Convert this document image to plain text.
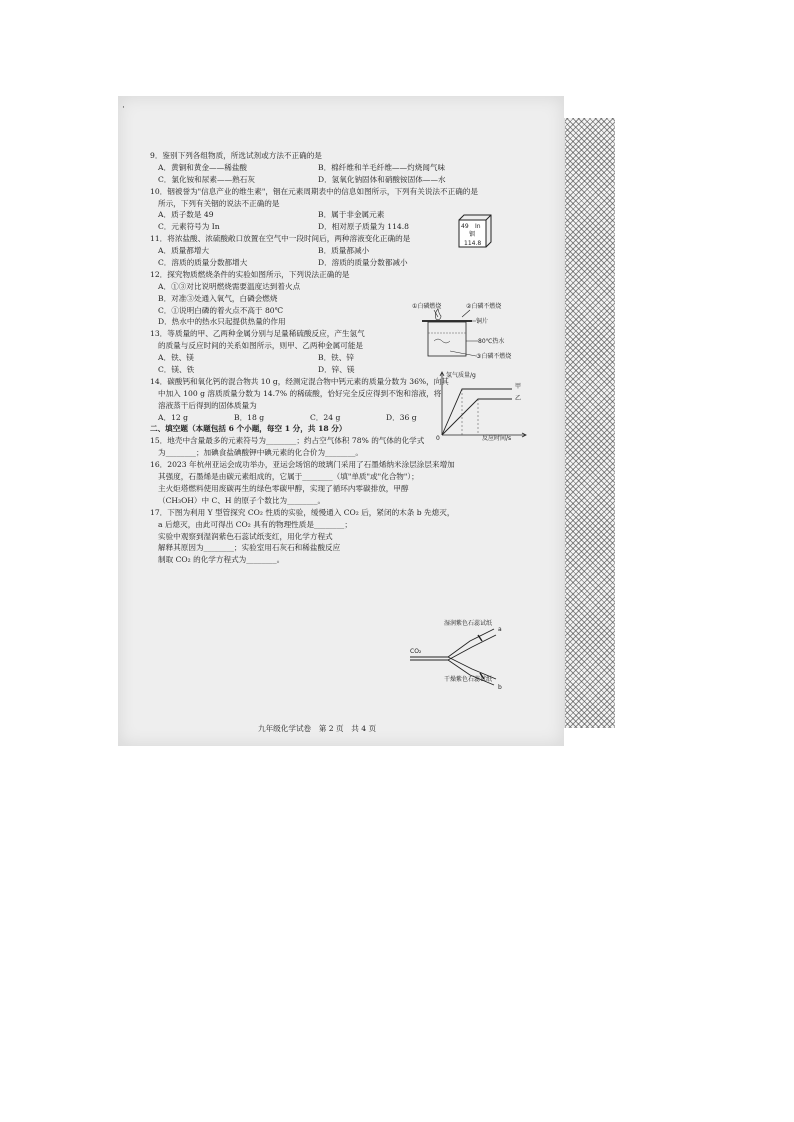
·
9．鉴别下列各组物质，所选试剂或方法不正确的是
A．黄铜和黄金——稀盐酸	B．棉纤维和羊毛纤维——灼烧闻气味
C．氯化铵和尿素——熟石灰	D．氢氧化钠固体和硝酸铵固体——水
10．铟被誉为"信息产业的维生素"，铟在元素周期表中的信息如图所示，下列有关说法不正确的是
所示，下列有关铟的说法不正确的是
A．质子数是 49	B．属于非金属元素
C．元素符号为 In	D．相对原子质量为 114.8
11．将浓盐酸、浓硫酸敞口放置在空气中一段时间后，两种溶液变化正确的是
A．质量都增大	B．质量都减小
C．溶质的质量分数都增大	D．溶质的质量分数都减小
12．探究物质燃烧条件的实验如图所示，下列说法正确的是
A．①③对比说明燃烧需要温度达到着火点
B．对准③处通入氧气，白磷会燃烧
C．①说明白磷的着火点不高于 80℃
D．热水中的热水只起提供热量的作用
13．等质量的甲、乙两种金属分别与足量稀硫酸反应，产生氢气
的质量与反应时间的关系如图所示，则甲、乙两种金属可能是
A．铁、镁	B．铁、锌
C．镁、铁	D．锌、镁
14．碳酸钙和氧化钙的混合物共 10 g，经测定混合物中钙元素的质量分数为 36%，向其
中加入 100 g 溶质质量分数为 14.7% 的稀硫酸，恰好完全反应得到不饱和溶液，将
溶液蒸干后得到的固体质量为
A．12 g	B．18 g	C．24 g	D．36 g
二、填空题（本题包括 6 个小题，每空 1 分，共 18 分）
15．地壳中含量最多的元素符号为________；约占空气体积 78% 的气体的化学式
为________；加碘食盐碘酸钾中碘元素的化合价为________。
16．2023 年杭州亚运会成功举办，亚运会场馆的玻璃门采用了石墨烯纳米涂层涂层来增加
其强度，石墨烯是由碳元素组成的，它属于________（填"单质"或"化合物"）；
主火炬塔燃料使用废碳再生的绿色零碳甲醇，实现了循环内零碳排放，甲醇
（CH₃OH）中 C、H 的原子个数比为________。
17．下图为利用 Y 型管探究 CO₂ 性质的实验，缓慢通入 CO₂ 后，紧闭的木条 b 先熄灭，
a 后熄灭，由此可得出 CO₂ 具有的物理性质是________；
实验中观察到湿润紫色石蕊试纸变红，用化学方程式
解释其原因为________；实验室用石灰石和稀盐酸反应
制取 CO₂ 的化学方程式为________。
49 In
铟
114.8
①白磷燃烧	②白磷不燃烧
铜片
80℃热水
③白磷不燃烧
氢气质量/g
反应时间/s
0
甲
乙
湿润紫色石蕊试纸
CO₂
a
b
干燥紫色石蕊试纸
九年级化学试卷　第 2 页　共 4 页
